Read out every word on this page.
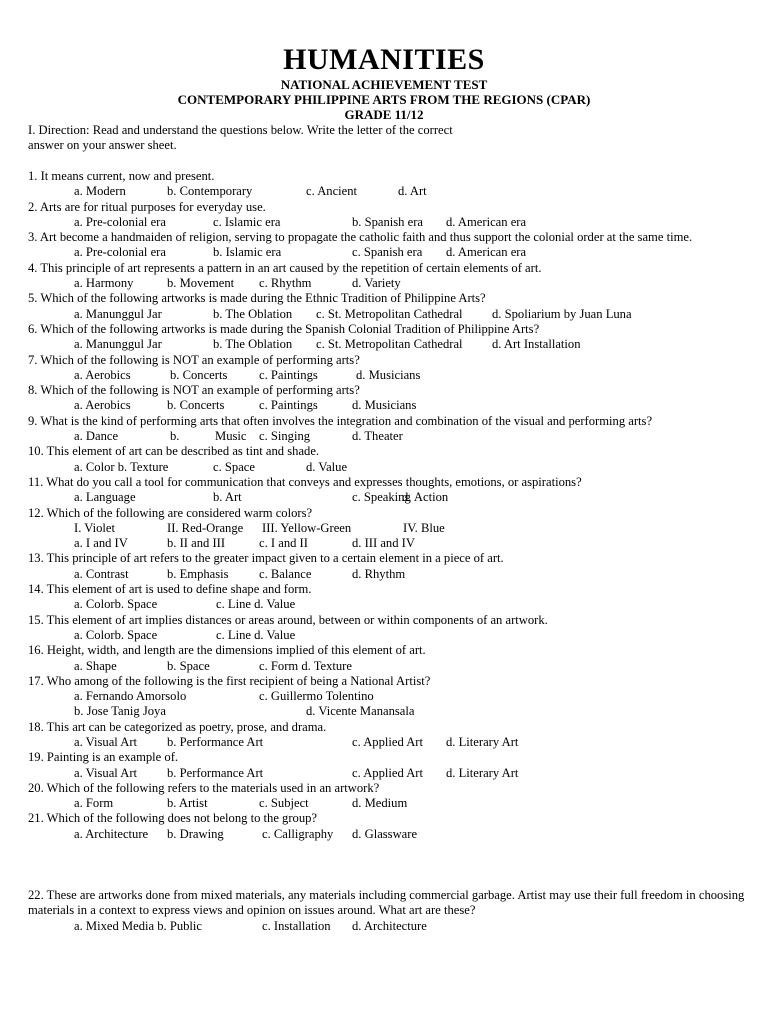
HUMANITIES
NATIONAL ACHIEVEMENT TEST
CONTEMPORARY PHILIPPINE ARTS FROM THE REGIONS (CPAR)
GRADE 11/12
I. Direction: Read and understand the questions below. Write the letter of the correct
answer on your answer sheet.
1. It means current, now and present.
a. Modern	b. Contemporary	c. Ancient	d. Art
2. Arts are for ritual purposes for everyday use.
a. Pre-colonial era	c. Islamic era	b. Spanish era d. American era
3. Art become a handmaiden of religion, serving to propagate the catholic faith and thus support the colonial order at the same time.
a. Pre-colonial era	b. Islamic era	c. Spanish era d. American era
4. This principle of art represents a pattern in an art caused by the repetition of certain elements of art.
a. Harmony	b. Movement c. Rhythm	d. Variety
5. Which of the following artworks is made during the Ethnic Tradition of Philippine Arts?
a. Manunggul Jar	b. The Oblation c. St. Metropolitan Cathedral d. Spoliarium by Juan Luna
6. Which of the following artworks is made during the Spanish Colonial Tradition of Philippine Arts?
a. Manunggul Jar	b. The Oblation c. St. Metropolitan Cathedral d. Art Installation
7. Which of the following is NOT an example of performing arts?
a. Aerobics	b. Concerts	c. Paintings	d. Musicians
8. Which of the following is NOT an example of performing arts?
a. Aerobics	b. Concerts	c. Paintings	d. Musicians
9. What is the kind of performing arts that often involves the integration and combination of the visual and performing arts?
a. Dance	b.	Music c. Singing	d. Theater
10. This element of art can be described as tint and shade.
a. Color b. Texture	c. Space	d. Value
11. What do you call a tool for communication that conveys and expresses thoughts, emotions, or aspirations?
a. Language	b. Art	c. Speaking
d. Action
12. Which of the following are considered warm colors?
I. Violet	II. Red-Orange III. Yellow-Green	IV. Blue
a. I and IV	b. II and III	c. I and II	d. III and IV
13. This principle of art refers to the greater impact given to a certain element in a piece of art.
a. Contrast	b. Emphasis c. Balance	d. Rhythm
14. This element of art is used to define shape and form.
a. Colorb. Space	c. Line d. Value
15. This element of art implies distances or areas around, between or within components of an artwork.
a. Colorb. Space	c. Line d. Value
16. Height, width, and length are the dimensions implied of this element of art.
a. Shape	b. Space	c. Form d. Texture
17. Who among of the following is the first recipient of being a National Artist?
a. Fernando Amorsolo	c. Guillermo Tolentino
b. Jose Tanig Joya	d. Vicente Manansala
18. This art can be categorized as poetry, prose, and drama.
a. Visual Art b. Performance Art	c. Applied Art d. Literary Art
19. Painting is an example of.
a. Visual Art b. Performance Art	c. Applied Art d. Literary Art
20. Which of the following refers to the materials used in an artwork?
a. Form	b. Artist	c. Subject	d. Medium
21. Which of the following does not belong to the group?
a. Architecture b. Drawing	c. Calligraphy d. Glassware
22. These are artworks done from mixed materials, any materials including commercial garbage. Artist may use their full freedom in choosing materials in a context to express views and opinion on issues around. What art are these?
a. Mixed Media b. Public	c. Installation d. Architecture
